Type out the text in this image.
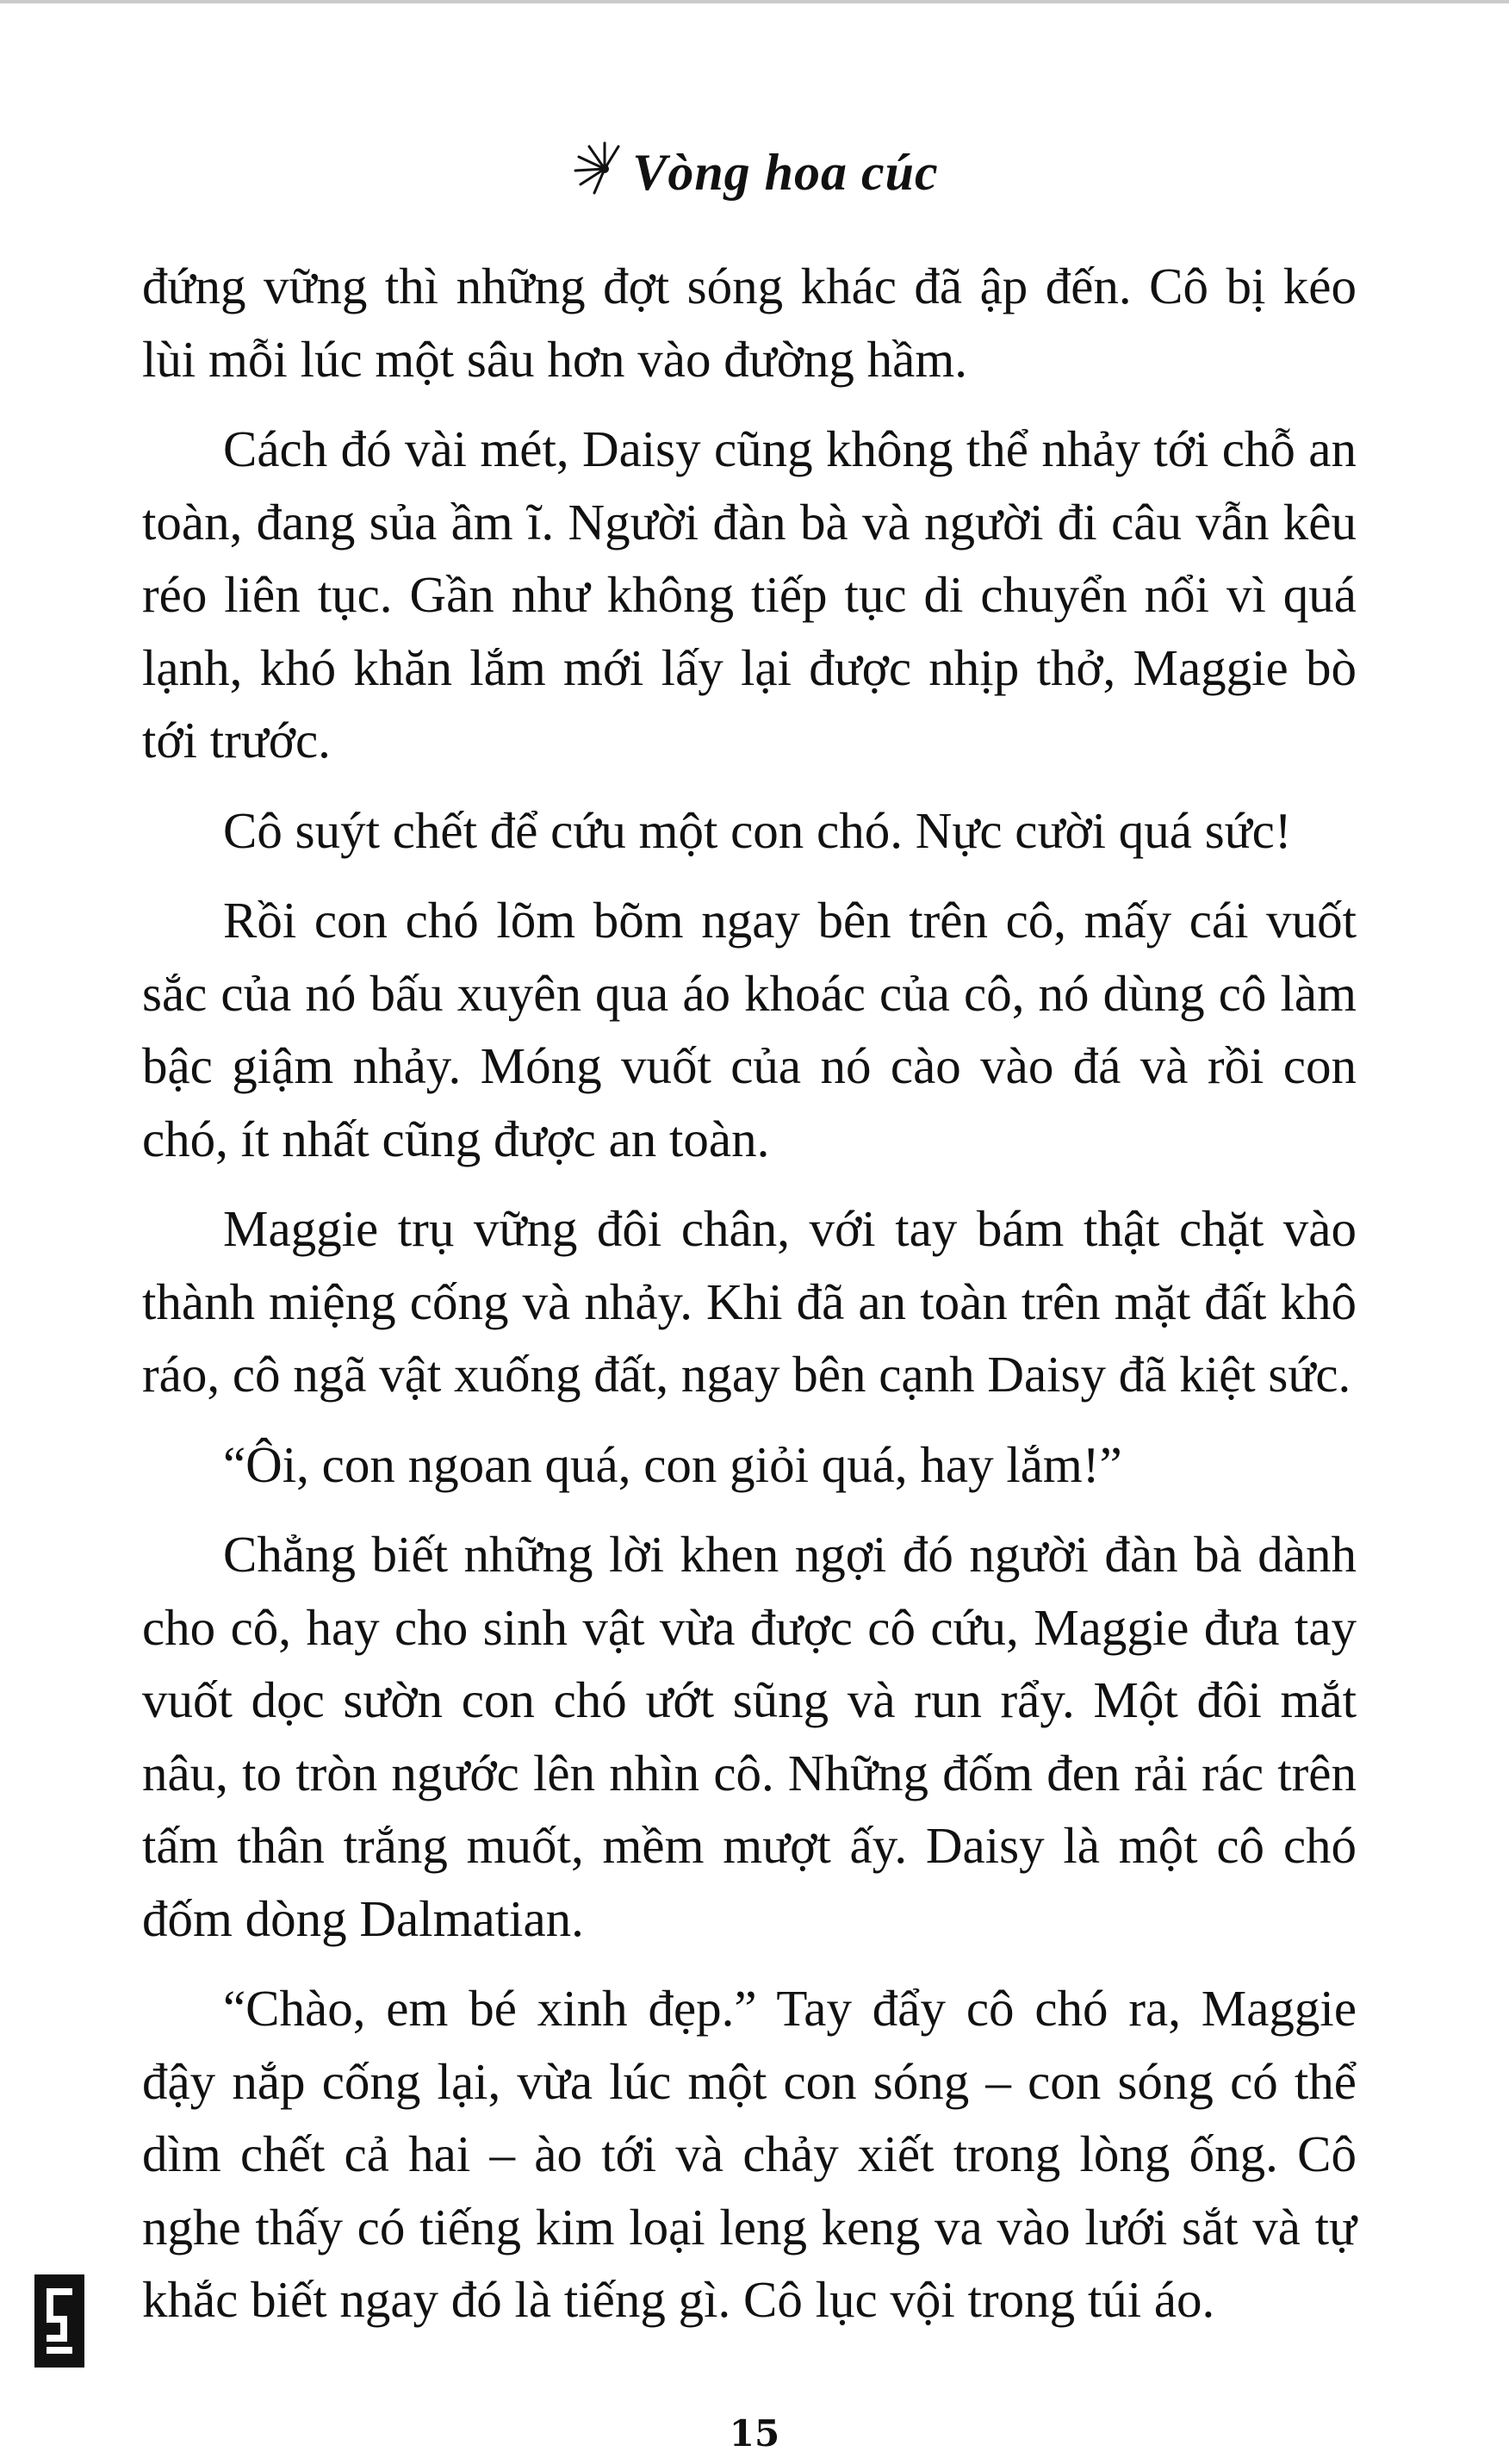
Vòng hoa cúc

đứng vững thì những đợt sóng khác đã ập đến. Cô bị kéo lùi mỗi lúc một sâu hơn vào đường hầm.

Cách đó vài mét, Daisy cũng không thể nhảy tới chỗ an toàn, đang sủa ầm ĩ. Người đàn bà và người đi câu vẫn kêu réo liên tục. Gần như không tiếp tục di chuyển nổi vì quá lạnh, khó khăn lắm mới lấy lại được nhịp thở, Maggie bò tới trước.

Cô suýt chết để cứu một con chó. Nực cười quá sức!

Rồi con chó lõm bõm ngay bên trên cô, mấy cái vuốt sắc của nó bấu xuyên qua áo khoác của cô, nó dùng cô làm bậc giậm nhảy. Móng vuốt của nó cào vào đá và rồi con chó, ít nhất cũng được an toàn.

Maggie trụ vững đôi chân, với tay bám thật chặt vào thành miệng cống và nhảy. Khi đã an toàn trên mặt đất khô ráo, cô ngã vật xuống đất, ngay bên cạnh Daisy đã kiệt sức.

“Ôi, con ngoan quá, con giỏi quá, hay lắm!”

Chẳng biết những lời khen ngợi đó người đàn bà dành cho cô, hay cho sinh vật vừa được cô cứu, Maggie đưa tay vuốt dọc sườn con chó ướt sũng và run rẩy. Một đôi mắt nâu, to tròn ngước lên nhìn cô. Những đốm đen rải rác trên tấm thân trắng muốt, mềm mượt ấy. Daisy là một cô chó đốm dòng Dalmatian.

“Chào, em bé xinh đẹp.” Tay đẩy cô chó ra, Maggie đậy nắp cống lại, vừa lúc một con sóng – con sóng có thể dìm chết cả hai – ào tới và chảy xiết trong lòng ống. Cô nghe thấy có tiếng kim loại leng keng va vào lưới sắt và tự khắc biết ngay đó là tiếng gì. Cô lục vội trong túi áo.

15
